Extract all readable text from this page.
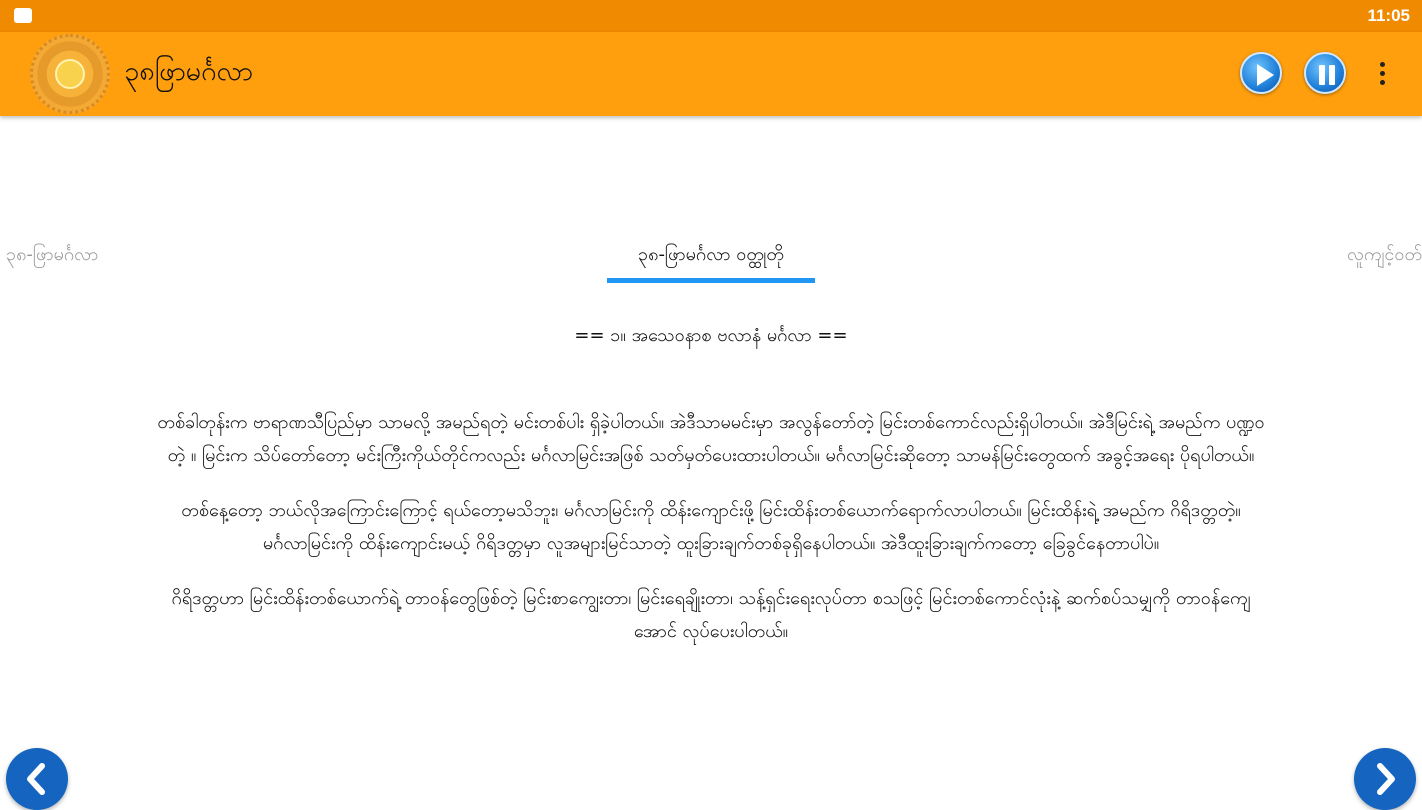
11:05
၃၈ဖြာမင်္ဂလာ
၃၈-ဖြာမင်္ဂလာ	၃၈-ဖြာမင်္ဂလာ ဝတ္ထုတို	လူကျင့်ဝတ်
== ၁။ အသေဝနာစ ဗလာနံ မင်္ဂလာ ==
တစ်ခါတုန်းက ဗာရာဏသီပြည်မှာ သာမလို့ အမည်ရတဲ့ မင်းတစ်ပါး ရှိခဲ့ပါတယ်။ အဲဒီသာမမင်းမှာ အလွန်တော်တဲ့ မြင်းတစ်ကောင်လည်းရှိပါတယ်။ အဲဒီမြင်းရဲ့ အမည်က ပဏ္ဍဝ
တဲ့ ။ မြင်းက သိပ်တော်တော့ မင်းကြီးကိုယ်တိုင်ကလည်း မင်္ဂလာမြင်းအဖြစ် သတ်မှတ်ပေးထားပါတယ်။ မင်္ဂလာမြင်းဆိုတော့ သာမန်မြင်းတွေထက် အခွင့်အရေး ပိုရပါတယ်။
တစ်နေ့တော့ ဘယ်လိုအကြောင်းကြောင့် ရယ်တော့မသိဘူး၊ မင်္ဂလာမြင်းကို ထိန်းကျောင်းဖို့ မြင်းထိန်းတစ်ယောက်ရောက်လာပါတယ်။ မြင်းထိန်းရဲ့ အမည်က ဂိရိဒတ္တတဲ့။
မင်္ဂလာမြင်းကို ထိန်းကျောင်းမယ့် ဂိရိဒတ္တမှာ လူအများမြင်သာတဲ့ ထူးခြားချက်တစ်ခုရှိနေပါတယ်။ အဲဒီထူးခြားချက်ကတော့ ခြေခွင်နေတာပါပဲ။
ဂိရိဒတ္တဟာ မြင်းထိန်းတစ်ယောက်ရဲ့ တာဝန်တွေဖြစ်တဲ့ မြင်းစာကျွေးတာ၊ မြင်းရေချိုးတာ၊ သန့်ရှင်းရေးလုပ်တာ စသဖြင့် မြင်းတစ်ကောင်လုံးနဲ့ ဆက်စပ်သမျှကို တာဝန်ကျေ
အောင် လုပ်ပေးပါတယ်။
